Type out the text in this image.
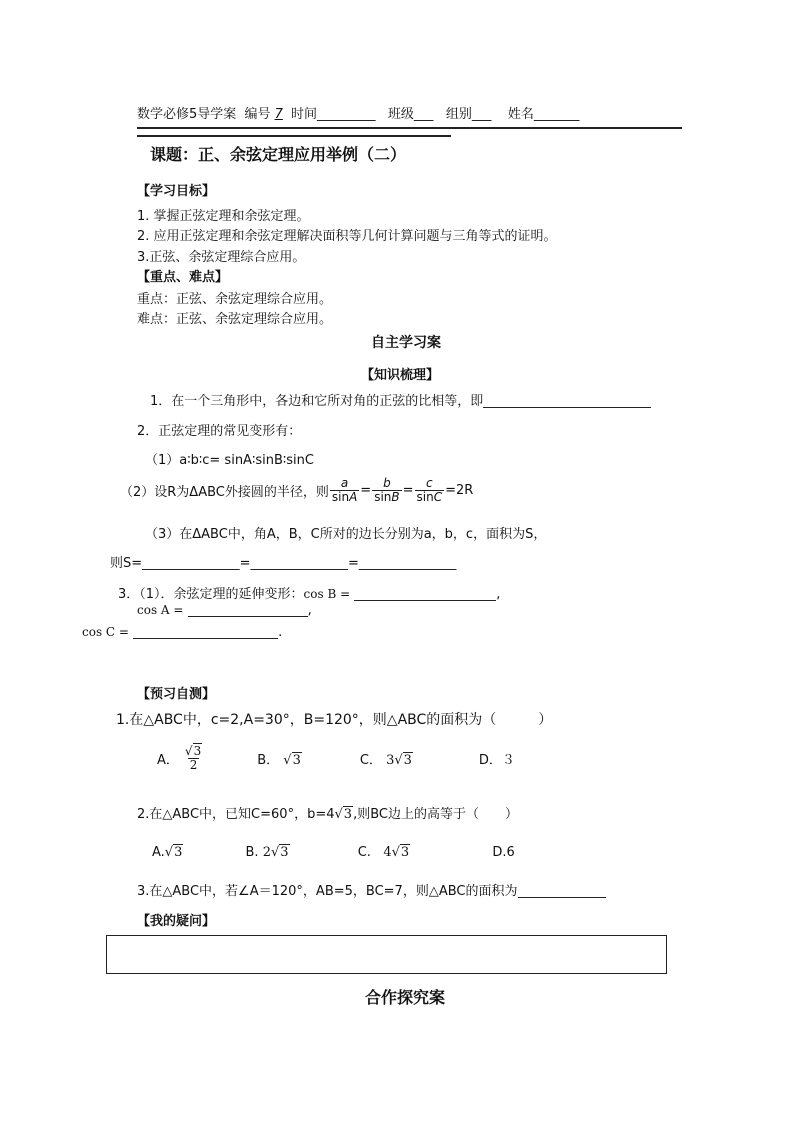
数学必修5导学案 编号 7 时间_________ 班级___ 组别___ 姓名_______
课题：正、余弦定理应用举例（二）
【学习目标】
1. 掌握正弦定理和余弦定理。
2. 应用正弦定理和余弦定理解决面积等几何计算问题与三角等式的证明。
3.正弦、余弦定理综合应用。
【重点、难点】
重点：正弦、余弦定理综合应用。
难点：正弦、余弦定理综合应用。
自主学习案
【知识梳理】
1．在一个三角形中，各边和它所对角的正弦的比相等，即
2．正弦定理的常见变形有：
（1）a∶b∶c= sinA∶sinB∶sinC
（2）设R为ΔABC外接圆的半径，则 $\frac{a}{\sin A} = \frac{b}{\sin B} = \frac{c}{\sin C} =2R$
（3）在ΔABC中，角A，B，C所对的边长分别为a，b，c，面积为S，
则S=_______________=_______________=_______________
3．（1）．余弦定理的延伸变形：cos B =	,
cos A =	,
cos C =	.
【预习自测】
1.在△ABC中，c=2,A=30°，B=120°，则△ABC的面积为（　　　）
A． $\frac{√3}{2}$	B． √3	C． 3√3	D．３
2.在△ABC中，已知C=60°，b=4√3,则BC边上的高等于（　　）
A.√3	B. 2√3	C. 4√3	D.6
3.在△ABC中，若∠A＝120°，AB=5，BC=7，则△ABC的面积为
【我的疑问】
合作探究案
